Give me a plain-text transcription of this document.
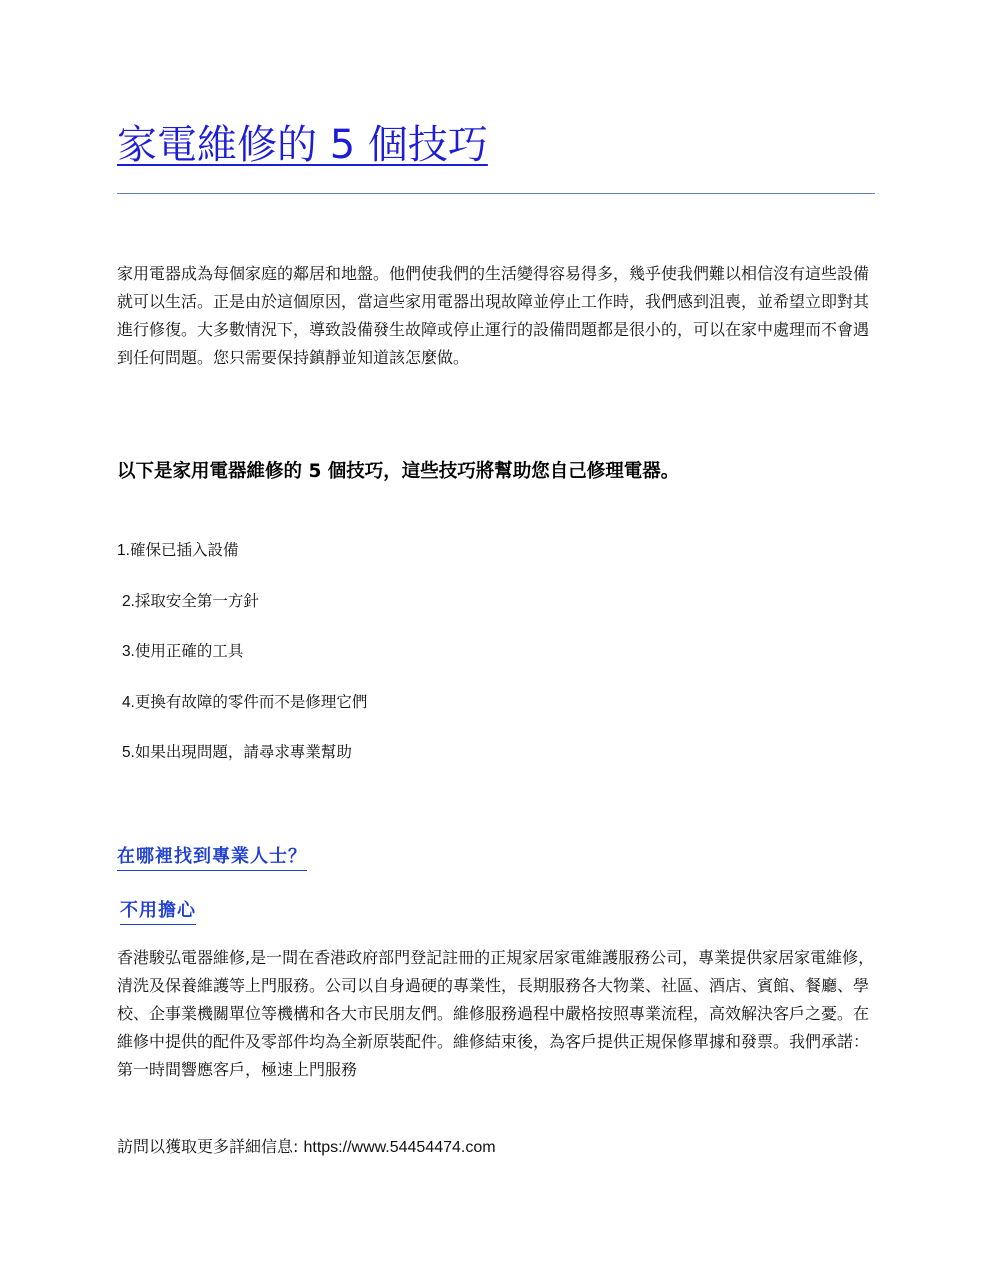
家電維修的 5 個技巧

家用電器成為每個家庭的鄰居和地盤。他們使我們的生活變得容易得多，幾乎使我們難以相信沒有這些設備就可以生活。正是由於這個原因，當這些家用電器出現故障並停止工作時，我們感到沮喪，並希望立即對其進行修復。大多數情況下，導致設備發生故障或停止運行的設備問題都是很小的，可以在家中處理而不會遇到任何問題。您只需要保持鎮靜並知道該怎麼做。

以下是家用電器維修的 5 個技巧，這些技巧將幫助您自己修理電器。
1.確保已插入設備
2.採取安全第一方針
3.使用正確的工具
4.更換有故障的零件而不是修理它們
5.如果出現問題，請尋求專業幫助
在哪裡找到專業人士？
不用擔心

香港駿弘電器維修,是一間在香港政府部門登記註冊的正規家居家電維護服務公司，專業提供家居家電維修，清洗及保養維護等上門服務。公司以自身過硬的專業性，長期服務各大物業、社區、酒店、賓館、餐廳、學校、企事業機關單位等機構和各大市民朋友們。維修服務過程中嚴格按照專業流程，高效解決客戶之憂。在維修中提供的配件及零部件均為全新原裝配件。維修結束後，為客戶提供正規保修單據和發票。我們承諾：第一時間響應客戶，極速上門服務

訪問以獲取更多詳細信息: https://www.54454474.com
